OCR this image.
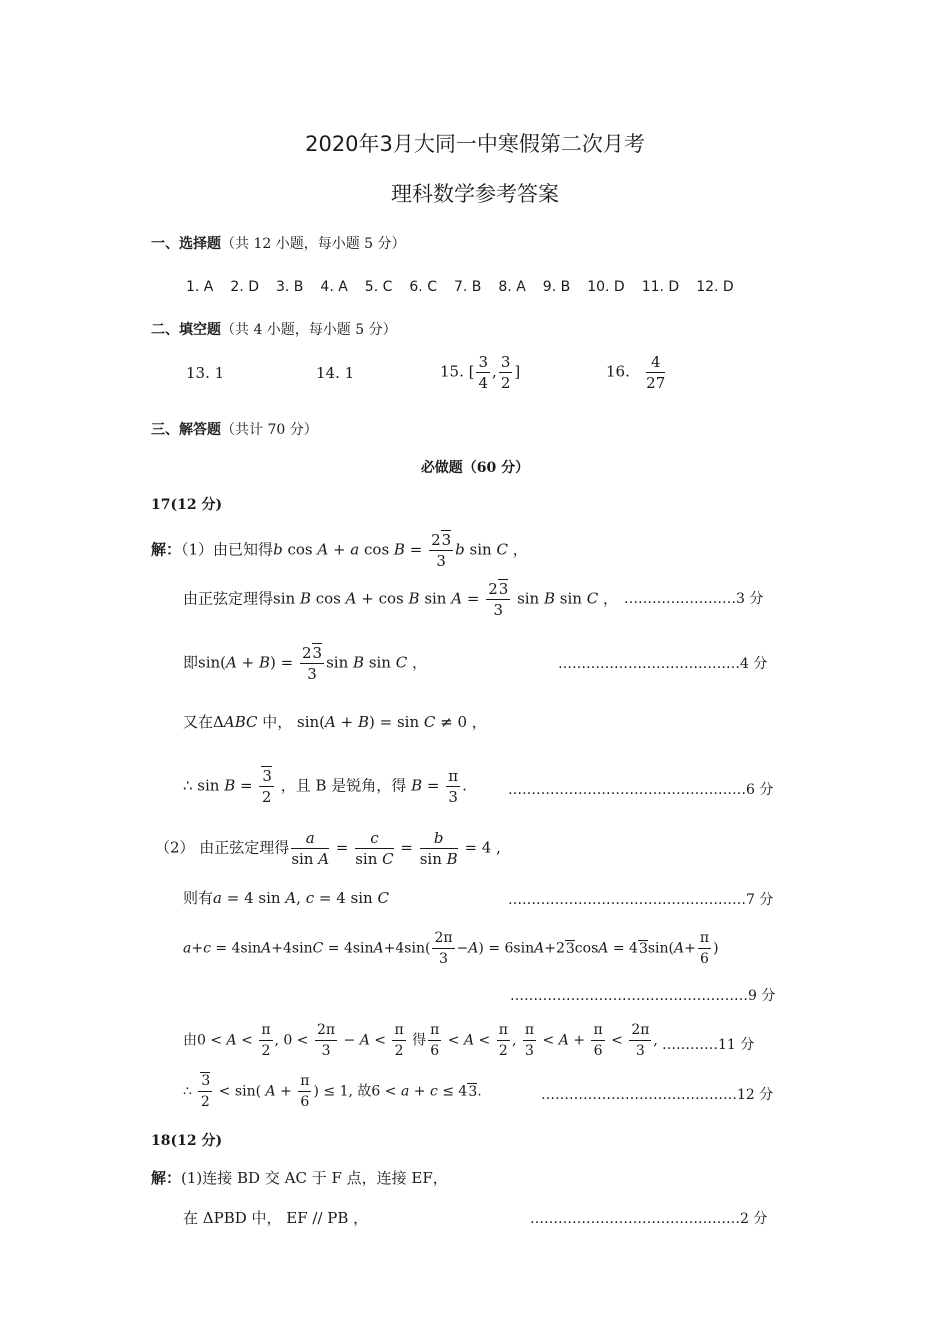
2020年3月大同一中寒假第二次月考
理科数学参考答案
一、选择题（共 12 小题，每小题 5 分）
1. A 2. D 3. B 4. A 5. C 6. C 7. B 8. A 9. B 10. D 11. D 12. D
二、填空题（共 4 小题，每小题 5 分）
13. 1	14. 1	15. [ $\frac{3}{4}$ , $\frac{3}{2}$ ]	16. $\frac{4}{27}$
三、解答题（共计 70 分）
必做题（60 分）
17(12 分)
解：（1）由已知得b cos A + a $\cos B = \frac{23}{3}$ b sin C ，
由正弦定理得sin B cos A + cos B $\sin A = \frac{23}{3}$ sin B sin C ， ……………………3 分
即$\sin(A + B) = \frac{23}{3}$ sin B sin C ，	…………………………………4 分
又在ΔABC 中， sin(A + B) = sin C ≠ 0 ，
∴ $\sin B = \frac{3}{2}$ ，且 B 是锐角，得 $B = \frac{\pi}{3}$ .	……………………………………………6 分
（2） 由正弦定理得 $\frac{a}{\text{sin A}} = \frac{c}{\text{sin C}} = \frac{b}{\text{sin B}} = 4$ ,
则有a = 4 sin A, c = 4 sin C	……………………………………………7 分
$a+c = 4\sin A+4\sin C = 4\sin A+4\sin( \frac{2\pi}{3} -A) = 6\sin A+23\cos A = 43\sin(A+ \frac{\pi}{6}$ )
……………………………………………9 分
由$0 < A < \frac{\pi}{2}$ , $0 < \frac{2\pi}{3} - A < \frac{\pi}{2}$ 得 $\frac{\pi}{6} < A < \frac{\pi}{2}$ , $\frac{\pi}{3} < A + \frac{\pi}{6} < \frac{2\pi}{3}$ , …………11 分
∴ $\frac{3}{2} < \sin$( $A + \frac{\pi}{6}$ ) ≤ 1, 故6 < a + c ≤ 43.	……………………………………12 分
18(12 分)
解：(1)连接 BD 交 AC 于 F 点，连接 EF，
在 ΔPBD 中， EF // PB ，	………………………………………2 分
